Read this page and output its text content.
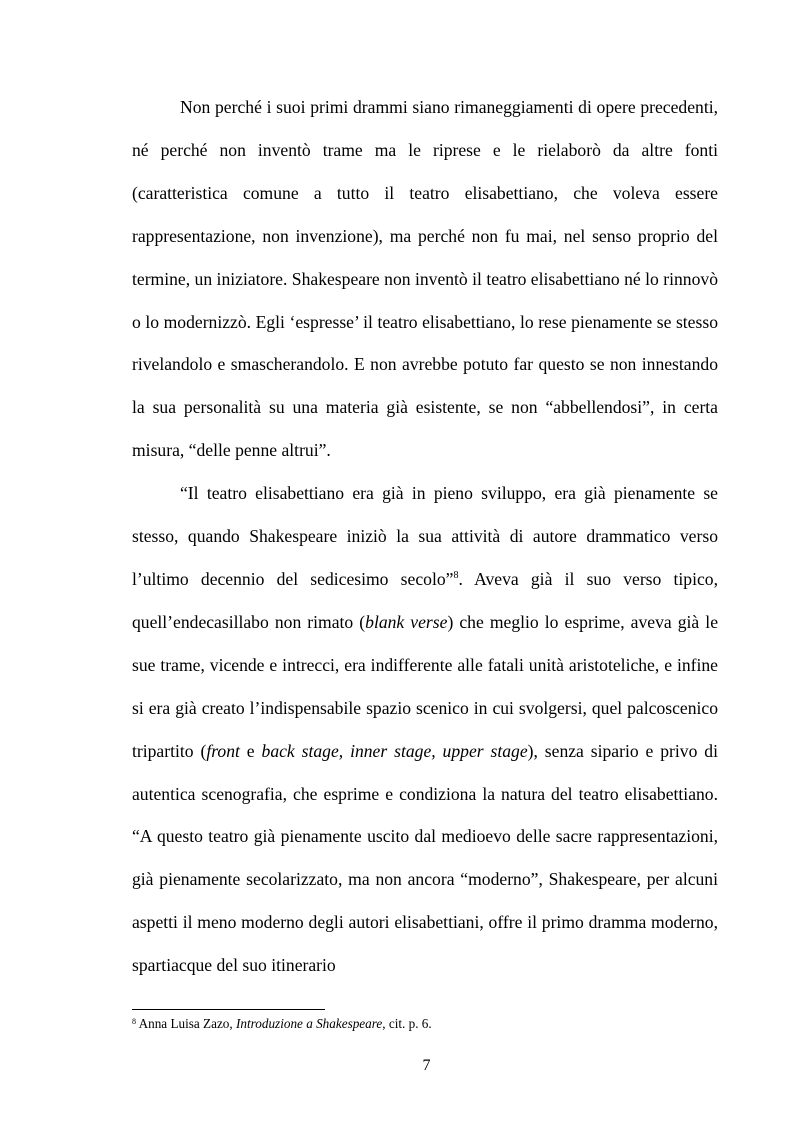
Non perché i suoi primi drammi siano rimaneggiamenti di opere precedenti, né perché non inventò trame ma le riprese e le rielaborò da altre fonti (caratteristica comune a tutto il teatro elisabettiano, che voleva essere rappresentazione, non invenzione), ma perché non fu mai, nel senso proprio del termine, un iniziatore. Shakespeare non inventò il teatro elisabettiano né lo rinnovò o lo modernizzò. Egli ‘espresse’ il teatro elisabettiano, lo rese pienamente se stesso rivelandolo e smascherandolo. E non avrebbe potuto far questo se non innestando la sua personalità su una materia già esistente, se non “abbellendosi”, in certa misura, “delle penne altrui”.

“Il teatro elisabettiano era già in pieno sviluppo, era già pienamente se stesso, quando Shakespeare iniziò la sua attività di autore drammatico verso l’ultimo decennio del sedicesimo secolo”$^8$. Aveva già il suo verso tipico, quell’endecasillabo non rimato (blank verse) che meglio lo esprime, aveva già le sue trame, vicende e intrecci, era indifferente alle fatali unità aristoteliche, e infine si era già creato l’indispensabile spazio scenico in cui svolgersi, quel palcoscenico tripartito (front e back stage, inner stage, upper stage), senza sipario e privo di autentica scenografia, che esprime e condiziona la natura del teatro elisabettiano. “A questo teatro già pienamente uscito dal medioevo delle sacre rappresentazioni, già pienamente secolarizzato, ma non ancora “moderno”, Shakespeare, per alcuni aspetti il meno moderno degli autori elisabettiani, offre il primo dramma moderno, spartiacque del suo itinerario

$^8$ Anna Luisa Zazo, Introduzione a Shakespeare, cit. p. 6.
7
